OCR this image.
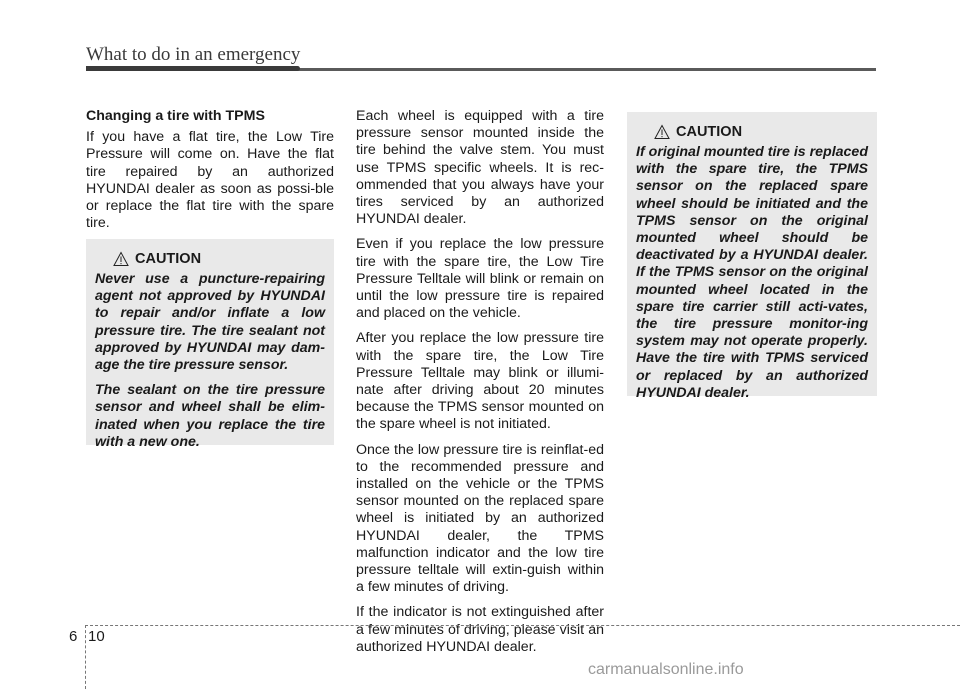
What to do in an emergency

Changing a tire with TPMS

If you have a flat tire, the Low Tire Pressure will come on. Have the flat tire repaired by an authorized HYUNDAI dealer as soon as possi-ble or replace the flat tire with the spare tire.

CAUTION

Never use a puncture-repairing agent not approved by HYUNDAI to repair and/or inflate a low pressure tire. The tire sealant not approved by HYUNDAI may dam-age the tire pressure sensor.

The sealant on the tire pressure sensor and wheel shall be elim-inated when you replace the tire with a new one.

Each wheel is equipped with a tire pressure sensor mounted inside the tire behind the valve stem. You must use TPMS specific wheels. It is rec-ommended that you always have your tires serviced by an authorized HYUNDAI dealer.

Even if you replace the low pressure tire with the spare tire, the Low Tire Pressure Telltale will blink or remain on until the low pressure tire is repaired and placed on the vehicle.

After you replace the low pressure tire with the spare tire, the Low Tire Pressure Telltale may blink or illumi-nate after driving about 20 minutes because the TPMS sensor mounted on the spare wheel is not initiated.

Once the low pressure tire is reinflat-ed to the recommended pressure and installed on the vehicle or the TPMS sensor mounted on the replaced spare wheel is initiated by an authorized HYUNDAI dealer, the TPMS malfunction indicator and the low tire pressure telltale will extin-guish within a few minutes of driving.

If the indicator is not extinguished after a few minutes of driving, please visit an authorized HYUNDAI dealer.

CAUTION

If original mounted tire is replaced with the spare tire, the TPMS sensor on the replaced spare wheel should be initiated and the TPMS sensor on the original mounted wheel should be deactivated by a HYUNDAI dealer. If the TPMS sensor on the original mounted wheel located in the spare tire carrier still acti-vates, the tire pressure monitor-ing system may not operate properly. Have the tire with TPMS serviced or replaced by an authorized HYUNDAI dealer.

6 10
carmanualsonline.info
